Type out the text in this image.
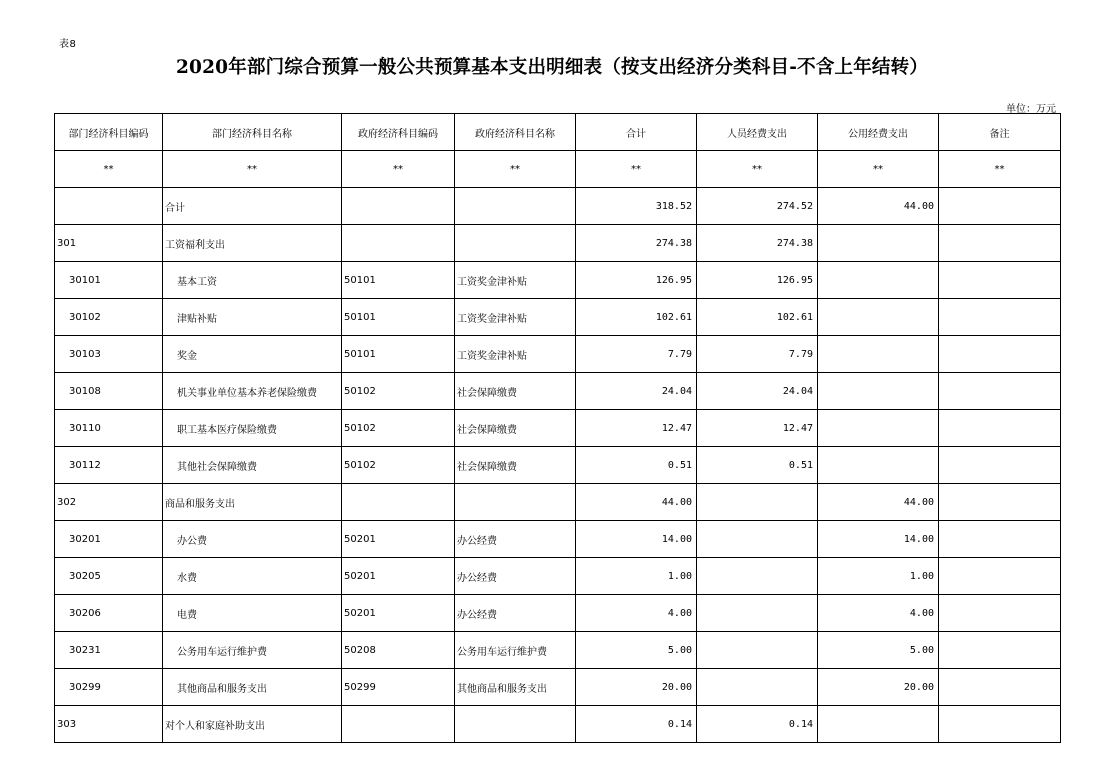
表8
2020年部门综合预算一般公共预算基本支出明细表（按支出经济分类科目-不含上年结转）
单位：万元
部门经济科目编码	部门经济科目名称	政府经济科目编码	政府经济科目名称	合计	人员经费支出	公用经费支出	备注
**	**	**	**	**	**	**	**
	合计			318.52	274.52	44.00	
301	工资福利支出			274.38	274.38		
30101	基本工资	50101	工资奖金津补贴	126.95	126.95		
30102	津贴补贴	50101	工资奖金津补贴	102.61	102.61		
30103	奖金	50101	工资奖金津补贴	7.79	7.79		
30108	机关事业单位基本养老保险缴费	50102	社会保障缴费	24.04	24.04		
30110	职工基本医疗保险缴费	50102	社会保障缴费	12.47	12.47		
30112	其他社会保障缴费	50102	社会保障缴费	0.51	0.51		
302	商品和服务支出			44.00		44.00	
30201	办公费	50201	办公经费	14.00		14.00	
30205	水费	50201	办公经费	1.00		1.00	
30206	电费	50201	办公经费	4.00		4.00	
30231	公务用车运行维护费	50208	公务用车运行维护费	5.00		5.00	
30299	其他商品和服务支出	50299	其他商品和服务支出	20.00		20.00	
303	对个人和家庭补助支出			0.14	0.14		
